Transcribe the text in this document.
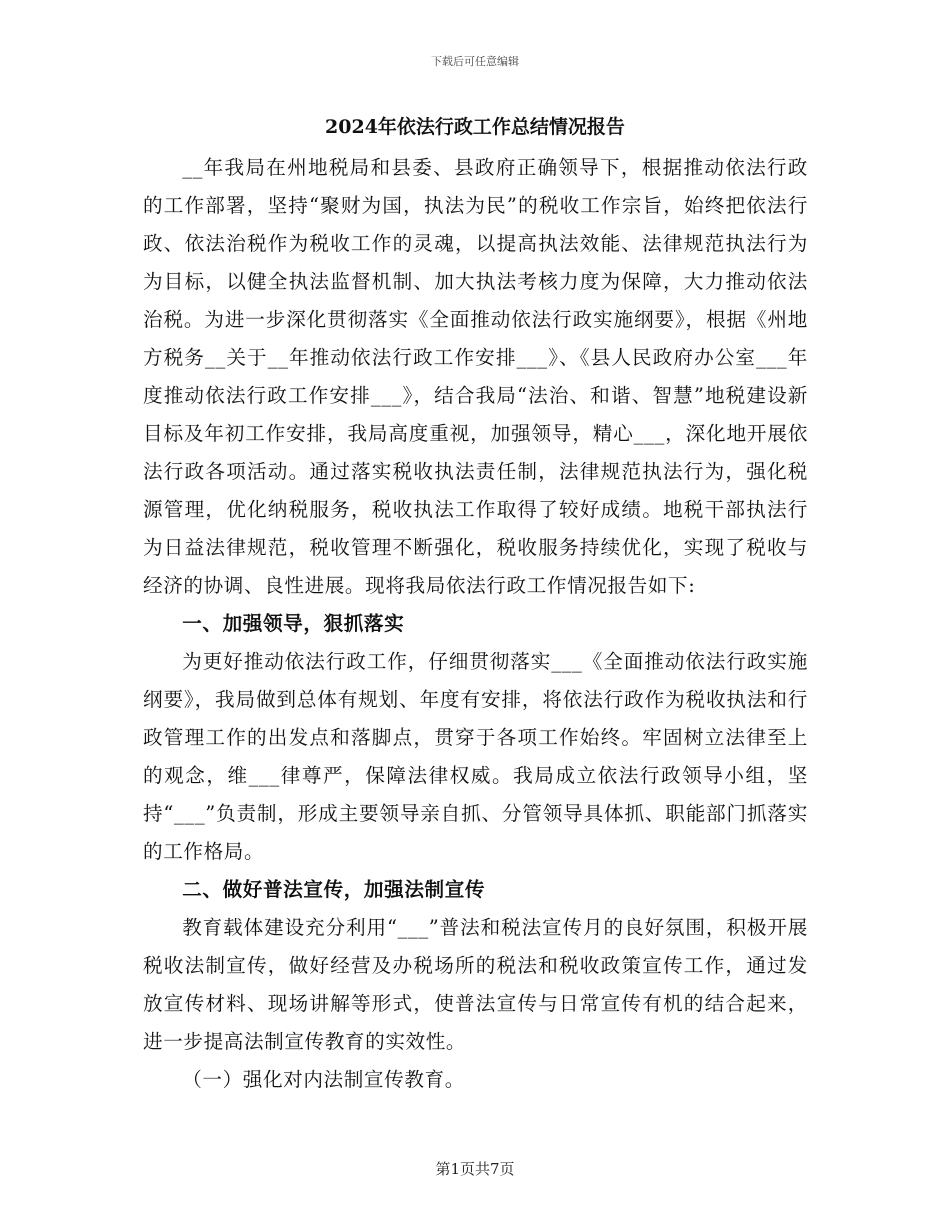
下载后可任意编辑
2024年依法行政工作总结情况报告

__年我局在州地税局和县委、县政府正确领导下，根据推动依法行政的工作部署，坚持“聚财为国，执法为民”的税收工作宗旨，始终把依法行政、依法治税作为税收工作的灵魂，以提高执法效能、法律规范执法行为为目标，以健全执法监督机制、加大执法考核力度为保障，大力推动依法治税。为进一步深化贯彻落实《全面推动依法行政实施纲要》，根据《州地方税务__关于__年推动依法行政工作安排___》、《县人民政府办公室___年度推动依法行政工作安排___》，结合我局“法治、和谐、智慧”地税建设新目标及年初工作安排，我局高度重视，加强领导，精心___，深化地开展依法行政各项活动。通过落实税收执法责任制，法律规范执法行为，强化税源管理，优化纳税服务，税收执法工作取得了较好成绩。地税干部执法行为日益法律规范，税收管理不断强化，税收服务持续优化，实现了税收与经济的协调、良性进展。现将我局依法行政工作情况报告如下:

一、加强领导，狠抓落实

为更好推动依法行政工作，仔细贯彻落实___《全面推动依法行政实施纲要》，我局做到总体有规划、年度有安排，将依法行政作为税收执法和行政管理工作的出发点和落脚点，贯穿于各项工作始终。牢固树立法律至上的观念，维___律尊严，保障法律权威。我局成立依法行政领导小组，坚持“___”负责制，形成主要领导亲自抓、分管领导具体抓、职能部门抓落实的工作格局。

二、做好普法宣传，加强法制宣传

教育载体建设充分利用“___”普法和税法宣传月的良好氛围，积极开展税收法制宣传，做好经营及办税场所的税法和税收政策宣传工作，通过发放宣传材料、现场讲解等形式，使普法宣传与日常宣传有机的结合起来，进一步提高法制宣传教育的实效性。

（一）强化对内法制宣传教育。

第1页共7页
